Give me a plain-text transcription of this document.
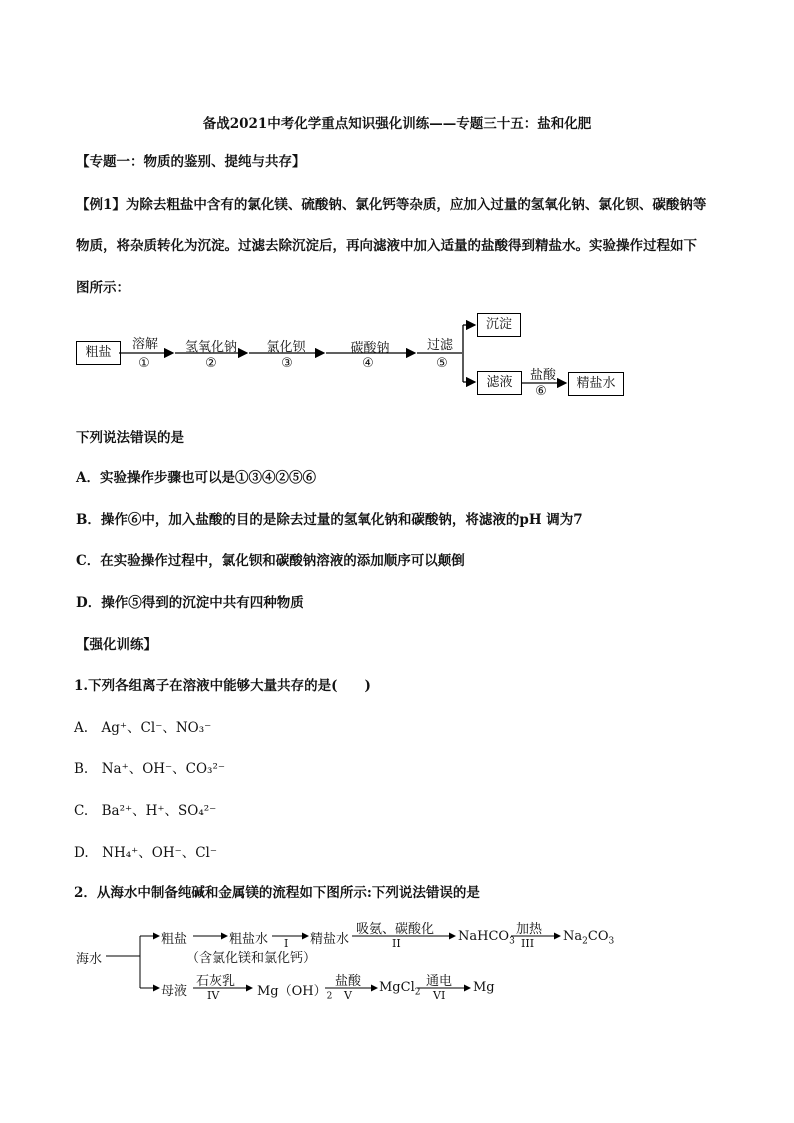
备战2021中考化学重点知识强化训练——专题三十五：盐和化肥
【专题一：物质的鉴别、提纯与共存】
【例1】为除去粗盐中含有的氯化镁、硫酸钠、氯化钙等杂质，应加入过量的氢氧化钠、氯化钡、碳酸钠等
物质，将杂质转化为沉淀。过滤去除沉淀后，再向滤液中加入适量的盐酸得到精盐水。实验操作过程如下
图所示：
粗盐
溶解
①
氢氧化钠
②
氯化钡
③
碳酸钠
④
过滤
⑤
沉淀
滤液	盐酸
⑥
精盐水
下列说法错误的是
A．实验操作步骤也可以是①③④②⑤⑥
B．操作⑥中，加入盐酸的目的是除去过量的氢氧化钠和碳酸钠，将滤液的pH 调为7
C．在实验操作过程中，氯化钡和碳酸钠溶液的添加顺序可以颠倒
D．操作⑤得到的沉淀中共有四种物质
【强化训练】
1.下列各组离子在溶液中能够大量共存的是(　　)
A.　Ag⁺、Cl⁻、NO₃⁻
B.　Na⁺、OH⁻、CO₃²⁻
C.　Ba²⁺、H⁺、SO₄²⁻
D.　NH₄⁺、OH⁻、Cl⁻
2．从海水中制备纯碱和金属镁的流程如下图所示:下列说法错误的是
海水
粗盐	粗盐水
（含氯化镁和氯化钙）
I 精盐水
吸氨、碳酸化
II	NaHCO$_3$
加热
III $Na_2CO_3$
母液
石灰乳
IV	$Mg(OH)_2$
盐酸
V
MgCl$_2$
通电
VI
Mg
